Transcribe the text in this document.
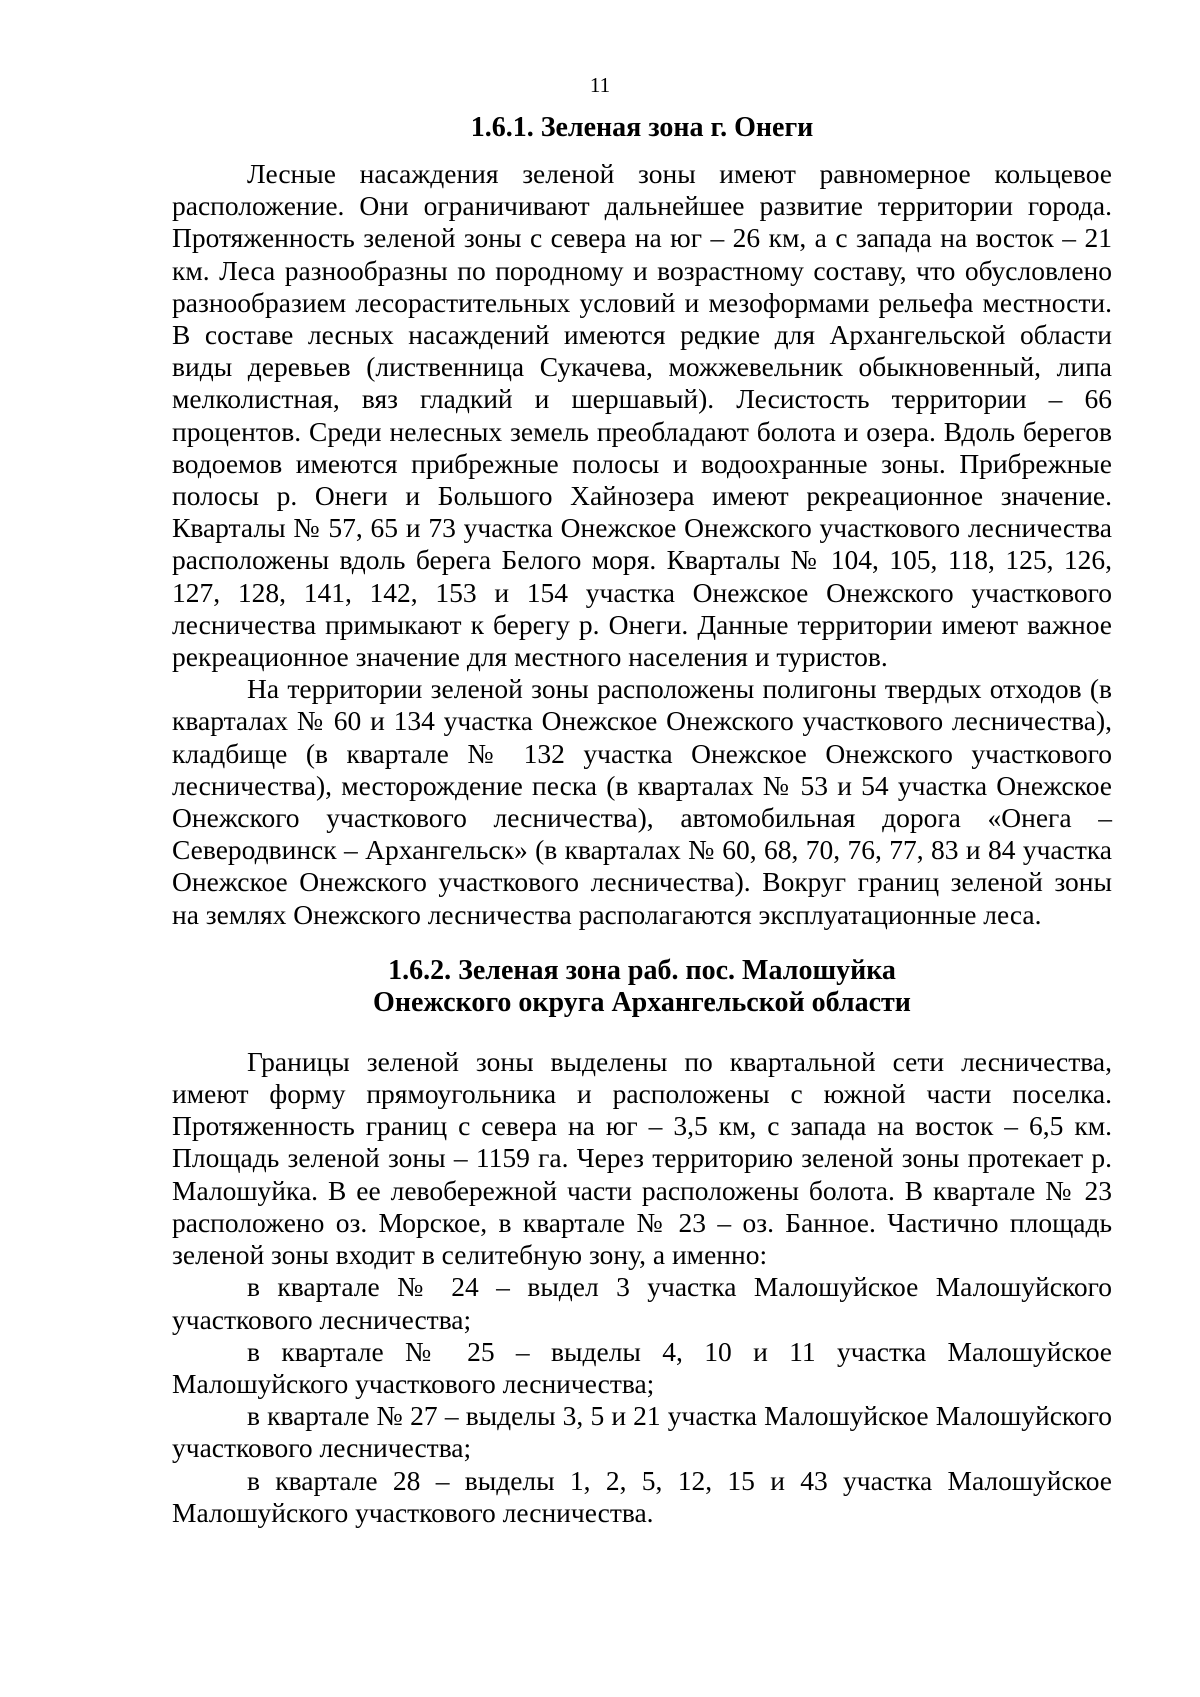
11
1.6.1. Зеленая зона г. Онеги

Лесные насаждения зеленой зоны имеют равномерное кольцевое расположение. Они ограничивают дальнейшее развитие территории города. Протяженность зеленой зоны с севера на юг – 26 км, а с запада на восток – 21 км. Леса разнообразны по породному и возрастному составу, что обусловлено разнообразием лесорастительных условий и мезоформами рельефа местности. В составе лесных насаждений имеются редкие для Архангельской области виды деревьев (лиственница Сукачева, можжевельник обыкновенный, липа мелколистная, вяз гладкий и шершавый). Лесистость территории – 66 процентов. Среди нелесных земель преобладают болота и озера. Вдоль берегов водоемов имеются прибрежные полосы и водоохранные зоны. Прибрежные полосы р. Онеги и Большого Хайнозера имеют рекреационное значение. Кварталы № 57, 65 и 73 участка Онежское Онежского участкового лесничества расположены вдоль берега Белого моря. Кварталы № 104, 105, 118, 125, 126, 127, 128, 141, 142, 153 и 154 участка Онежское Онежского участкового лесничества примыкают к берегу р. Онеги. Данные территории имеют важное рекреационное значение для местного населения и туристов.

На территории зеленой зоны расположены полигоны твердых отходов (в кварталах № 60 и 134 участка Онежское Онежского участкового лесничества), кладбище (в квартале № 132 участка Онежское Онежского участкового лесничества), месторождение песка (в кварталах № 53 и 54 участка Онежское Онежского участкового лесничества), автомобильная дорога «Онега – Северодвинск – Архангельск» (в кварталах № 60, 68, 70, 76, 77, 83 и 84 участка Онежское Онежского участкового лесничества). Вокруг границ зеленой зоны на землях Онежского лесничества располагаются эксплуатационные леса.

1.6.2. Зеленая зона раб. пос. Малошуйка
Онежского округа Архангельской области

Границы зеленой зоны выделены по квартальной сети лесничества, имеют форму прямоугольника и расположены с южной части поселка. Протяженность границ с севера на юг – 3,5 км, с запада на восток – 6,5 км. Площадь зеленой зоны – 1159 га. Через территорию зеленой зоны протекает р. Малошуйка. В ее левобережной части расположены болота. В квартале № 23 расположено оз. Морское, в квартале № 23 – оз. Банное. Частично площадь зеленой зоны входит в селитебную зону, а именно:

в квартале № 24 – выдел 3 участка Малошуйское Малошуйского участкового лесничества;

в квартале № 25 – выделы 4, 10 и 11 участка Малошуйское Малошуйского участкового лесничества;

в квартале № 27 – выделы 3, 5 и 21 участка Малошуйское Малошуйского участкового лесничества;

в квартале 28 – выделы 1, 2, 5, 12, 15 и 43 участка Малошуйское Малошуйского участкового лесничества.
